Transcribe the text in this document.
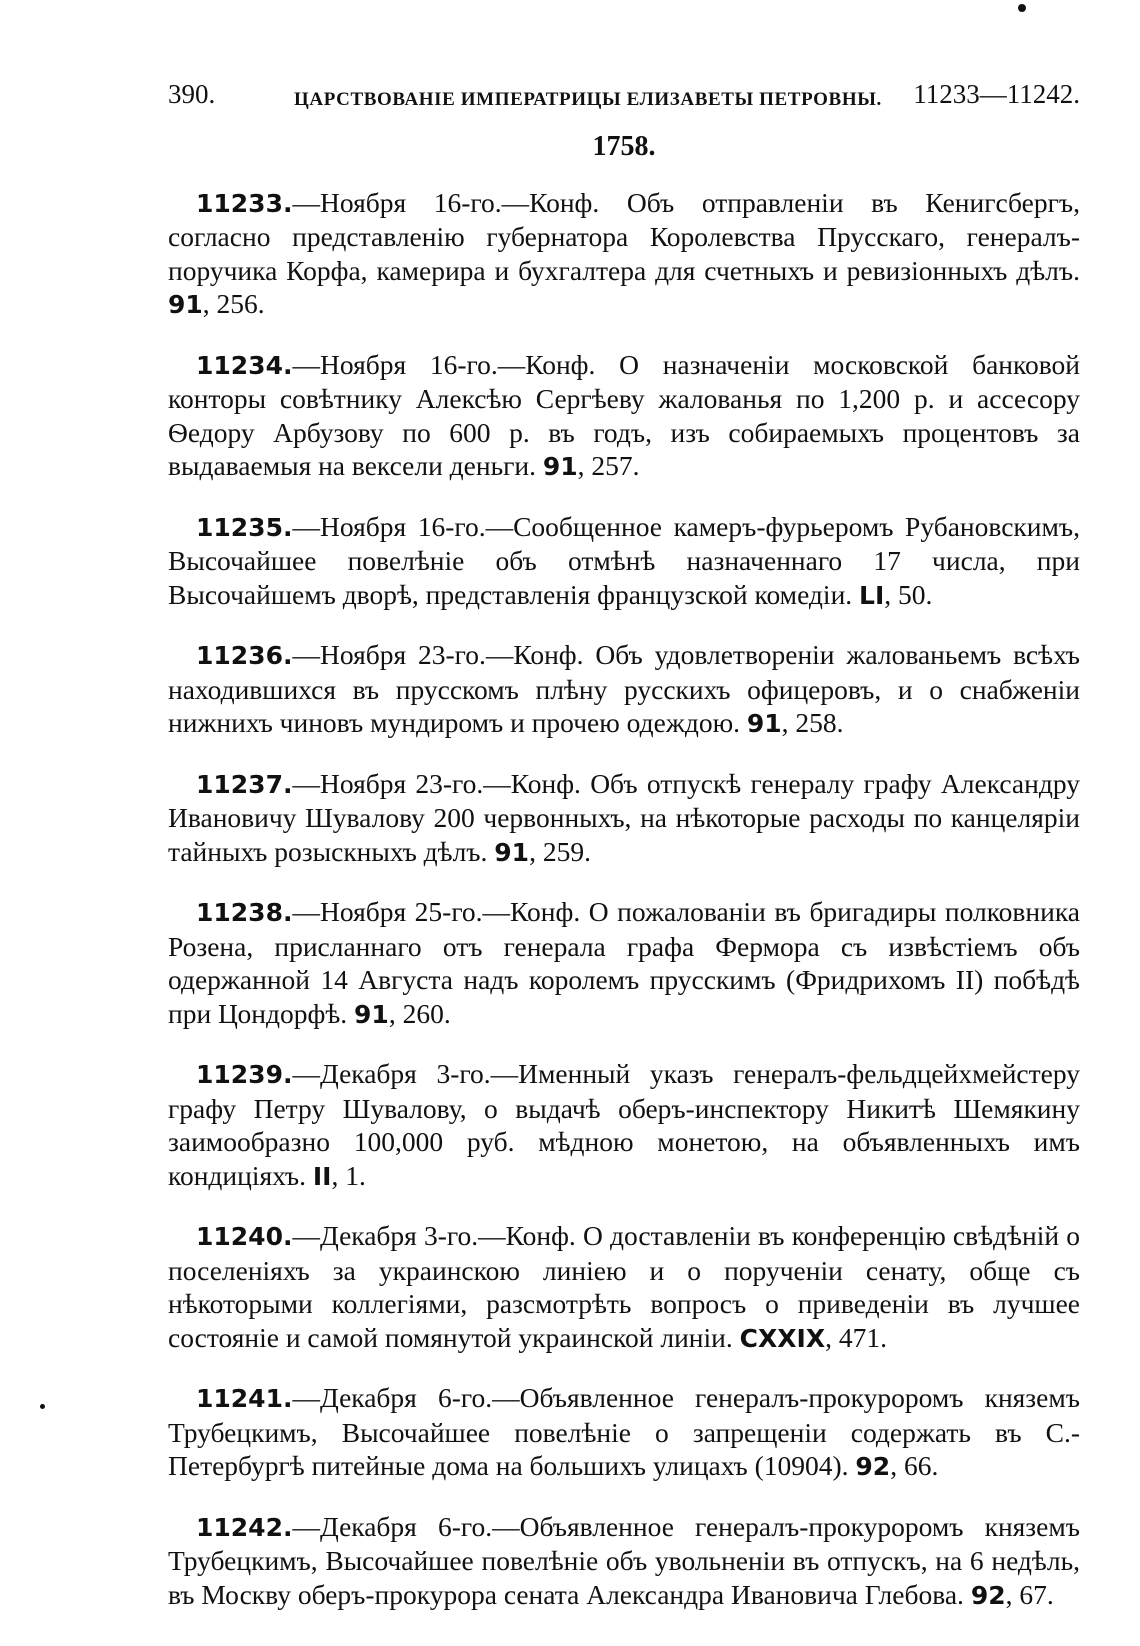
390.	ЦАРСТВОВАНІЕ ИМПЕРАТРИЦЫ ЕЛИЗАВЕТЫ ПЕТРОВНЫ. 11233—11242.
1758.

11233.—Ноября 16-го.—Конф. Объ отправленіи въ Кенигсбергъ, согласно представленію губернатора Королевства Прусскаго, генералъ-поручика Корфа, камерира и бухгалтера для счетныхъ и ревизіонныхъ дѣлъ. 91, 256.

11234.—Ноября 16-го.—Конф. О назначеніи московской банковой конторы совѣтнику Алексѣю Сергѣеву жалованья по 1,200 р. и ассесору Ѳедору Арбузову по 600 р. въ годъ, изъ собираемыхъ процентовъ за выдаваемыя на вексели деньги. 91, 257.

11235.—Ноября 16-го.—Сообщенное камеръ-фурьеромъ Рубановскимъ, Высочайшее повелѣніе объ отмѣнѣ назначеннаго 17 числа, при Высочайшемъ дворѣ, представленія французской комедіи. LI, 50.

11236.—Ноября 23-го.—Конф. Объ удовлетвореніи жалованьемъ всѣхъ находившихся въ прусскомъ плѣну русскихъ офицеровъ, и о снабженіи нижнихъ чиновъ мундиромъ и прочею одеждою. 91, 258.

11237.—Ноября 23-го.—Конф. Объ отпускѣ генералу графу Александру Ивановичу Шувалову 200 червонныхъ, на нѣкоторые расходы по канцеляріи тайныхъ розыскныхъ дѣлъ. 91, 259.

11238.—Ноября 25-го.—Конф. О пожалованіи въ бригадиры полковника Розена, присланнаго отъ генерала графа Фермора съ извѣстіемъ объ одержанной 14 Августа надъ королемъ прусскимъ (Фридрихомъ II) побѣдѣ при Цондорфѣ. 91, 260.

11239.—Декабря 3-го.—Именный указъ генералъ-фельдцейхмейстеру графу Петру Шувалову, о выдачѣ оберъ-инспектору Никитѣ Шемякину заимообразно 100,000 руб. мѣдною монетою, на объявленныхъ имъ кондиціяхъ. II, 1.

11240.—Декабря 3-го.—Конф. О доставленіи въ конференцію свѣдѣній о поселеніяхъ за украинскою линіею и о порученіи сенату, обще съ нѣкоторыми коллегіями, разсмотрѣть вопросъ о приведеніи въ лучшее состояніе и самой помянутой украинской линіи. CXXIX, 471.

11241.—Декабря 6-го.—Объявленное генералъ-прокуроромъ княземъ Трубецкимъ, Высочайшее повелѣніе о запрещеніи содержать въ С.-Петербургѣ питейные дома на большихъ улицахъ (10904). 92, 66.

11242.—Декабря 6-го.—Объявленное генералъ-прокуроромъ княземъ Трубецкимъ, Высочайшее повелѣніе объ увольненіи въ отпускъ, на 6 недѣль, въ Москву оберъ-прокурора сената Александра Ивановича Глебова. 92, 67.
